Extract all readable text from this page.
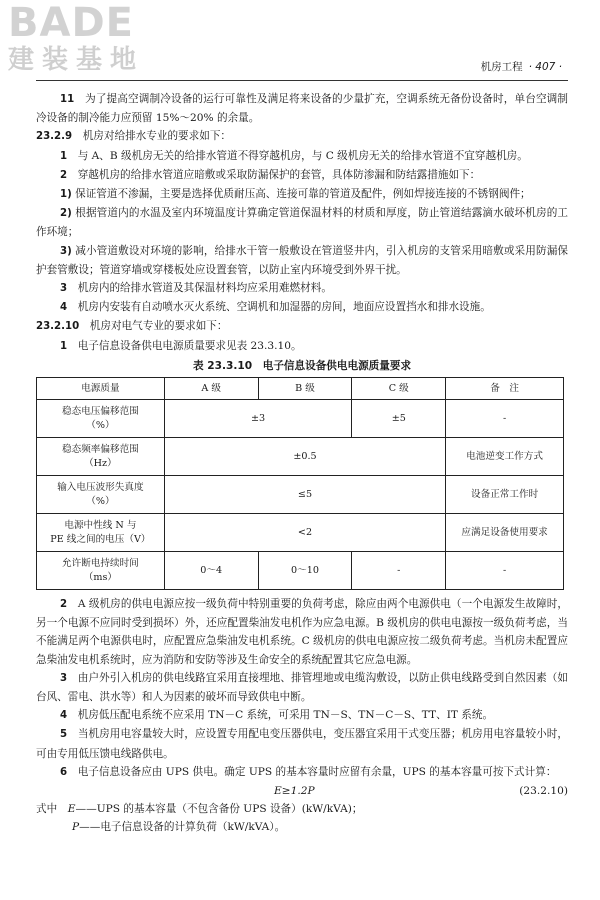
BADE
建装基地	机房工程 · 407 ·

11　 为了提高空调制冷设备的运行可靠性及满足将来设备的少量扩充，空调系统无备份设备时，单台空调制冷设备的制冷能力应预留 15%～20% 的余量。

23.2.9　 机房对给排水专业的要求如下：

1　 与 A、B 级机房无关的给排水管道不得穿越机房，与 C 级机房无关的给排水管道不宜穿越机房。

2　 穿越机房的给排水管道应暗敷或采取防漏保护的套管，具体防渗漏和防结露措施如下：

1) 保证管道不渗漏，主要是选择优质耐压高、连接可靠的管道及配件，例如焊接连接的不锈钢阀件；

2) 根据管道内的水温及室内环境温度计算确定管道保温材料的材质和厚度，防止管道结露滴水破坏机房的工作环境；

3) 减小管道敷设对环境的影响，给排水干管一般敷设在管道竖井内，引入机房的支管采用暗敷或采用防漏保护套管敷设；管道穿墙或穿楼板处应设置套管，以防止室内环境受到外界干扰。

3　 机房内的给排水管道及其保温材料均应采用难燃材料。

4　 机房内安装有自动喷水灭火系统、空调机和加湿器的房间，地面应设置挡水和排水设施。

23.2.10　 机房对电气专业的要求如下：

1　 电子信息设备供电电源质量要求见表 23.3.10。

表 23.3.10　电子信息设备供电电源质量要求
电源质量	A 级	B 级	C 级	备　注
稳态电压偏移范围
（%）	±3		±5	-
稳态频率偏移范围
（Hz）	±0.5			电池逆变工作方式
输入电压波形失真度
（%）	≤5			设备正常工作时
电源中性线 N 与
PE 线之间的电压（V）	<2			应满足设备使用要求
允许断电持续时间
（ms）	0～4	0～10	-	-

2　 A 级机房的供电电源应按一级负荷中特别重要的负荷考虑，除应由两个电源供电（一个电源发生故障时，另一个电源不应同时受到损坏）外，还应配置柴油发电机作为应急电源。B 级机房的供电电源按一级负荷考虑，当不能满足两个电源供电时，应配置应急柴油发电机系统。C 级机房的供电电源应按二级负荷考虑。当机房未配置应急柴油发电机系统时，应为消防和安防等涉及生命安全的系统配置其它应急电源。

3　 由户外引入机房的供电线路宜采用直接埋地、排管埋地或电缆沟敷设，以防止供电线路受到自然因素（如台风、雷电、洪水等）和人为因素的破坏而导致供电中断。

4　 机房低压配电系统不应采用 TN－C 系统，可采用 TN－S、TN－C－S、TT、IT 系统。

5　 当机房用电容量较大时，应设置专用配电变压器供电，变压器宜采用干式变压器；机房用电容量较小时，可由专用低压馈电线路供电。

6　 电子信息设备应由 UPS 供电。确定 UPS 的基本容量时应留有余量，UPS 的基本容量可按下式计算：

E≥1.2P	(23.2.10)

式中　 E——UPS 的基本容量（不包含备份 UPS 设备）(kW/kVA)；

P——电子信息设备的计算负荷（kW/kVA）。
